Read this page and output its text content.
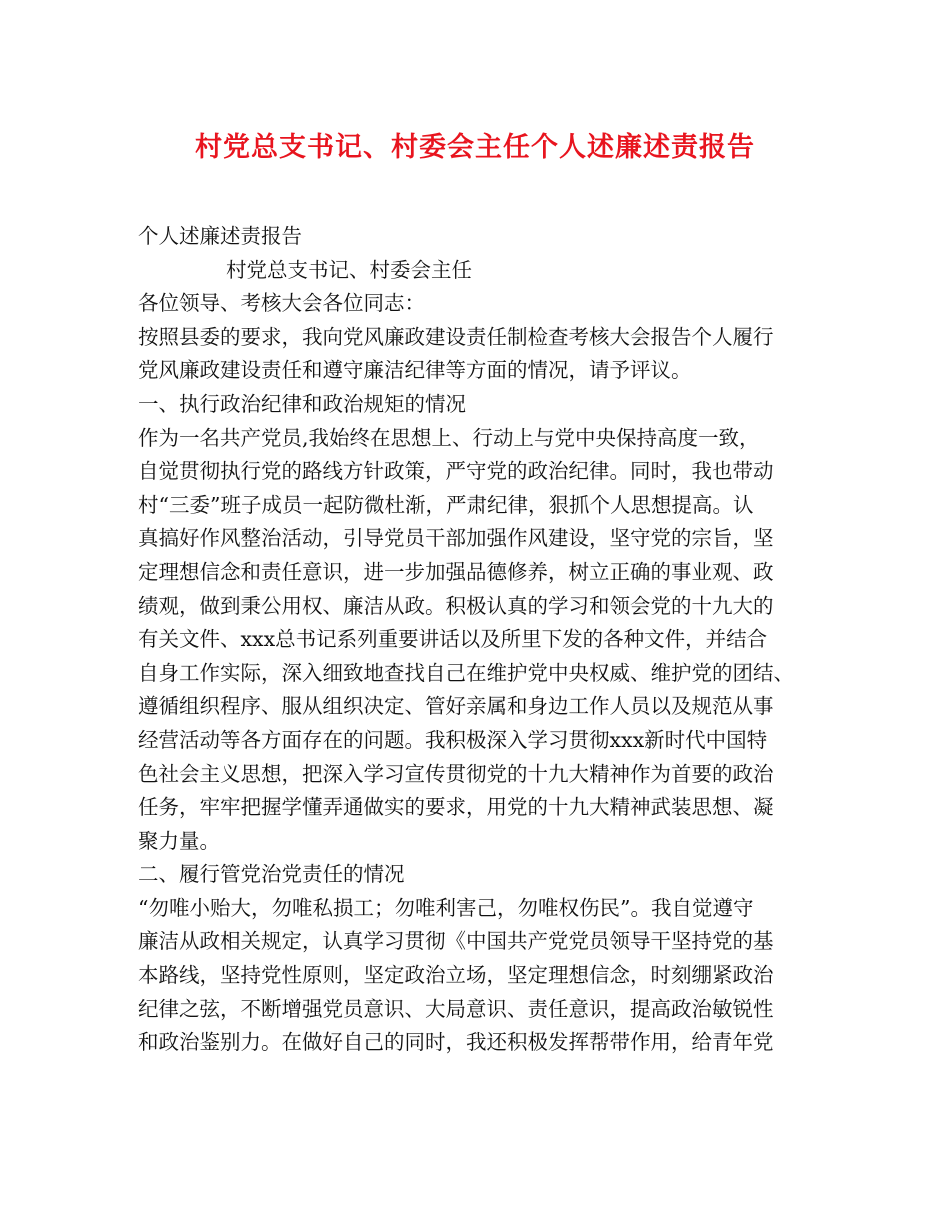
村党总支书记、村委会主任个人述廉述责报告
个人述廉述责报告
村党总支书记、村委会主任
各位领导、考核大会各位同志：
按照县委的要求，我向党风廉政建设责任制检查考核大会报告个人履行
党风廉政建设责任和遵守廉洁纪律等方面的情况，请予评议。
一、执行政治纪律和政治规矩的情况
作为一名共产党员,我始终在思想上、行动上与党中央保持高度一致，
自觉贯彻执行党的路线方针政策，严守党的政治纪律。同时，我也带动
村“三委”班子成员一起防微杜渐，严肃纪律，狠抓个人思想提高。认
真搞好作风整治活动，引导党员干部加强作风建设，坚守党的宗旨，坚
定理想信念和责任意识，进一步加强品德修养，树立正确的事业观、政
绩观，做到秉公用权、廉洁从政。积极认真的学习和领会党的十九大的
有关文件、xxx总书记系列重要讲话以及所里下发的各种文件，并结合
自身工作实际，深入细致地查找自己在维护党中央权威、维护党的团结、
遵循组织程序、服从组织决定、管好亲属和身边工作人员以及规范从事
经营活动等各方面存在的问题。我积极深入学习贯彻xxx新时代中国特
色社会主义思想，把深入学习宣传贯彻党的十九大精神作为首要的政治
任务，牢牢把握学懂弄通做实的要求，用党的十九大精神武装思想、凝
聚力量。
二、履行管党治党责任的情况
“勿唯小贻大，勿唯私损工；勿唯利害己，勿唯权伤民”。我自觉遵守
廉洁从政相关规定，认真学习贯彻《中国共产党党员领导干坚持党的基
本路线，坚持党性原则，坚定政治立场，坚定理想信念，时刻绷紧政治
纪律之弦，不断增强党员意识、大局意识、责任意识，提高政治敏锐性
和政治鉴别力。在做好自己的同时，我还积极发挥帮带作用，给青年党
